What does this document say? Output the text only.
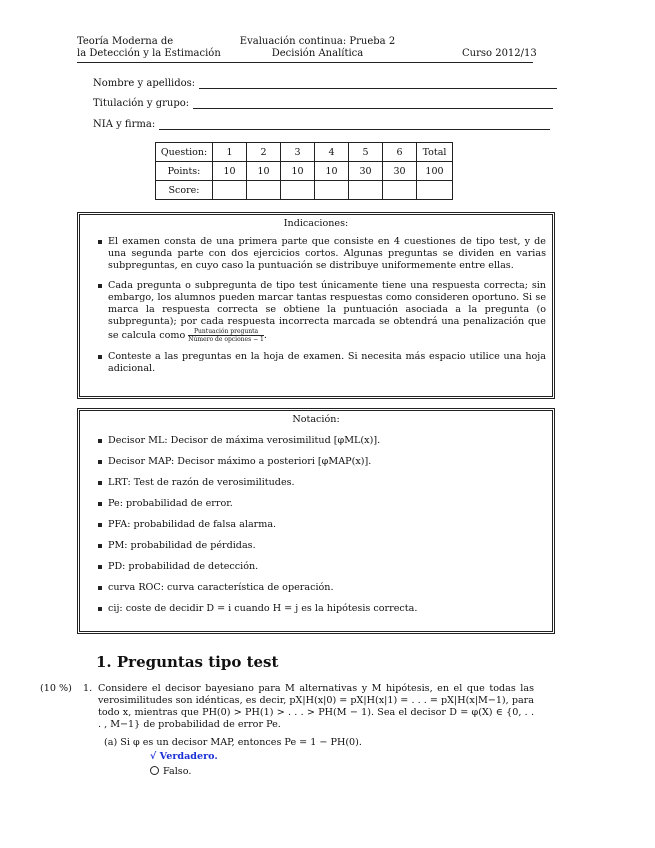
Teoría Moderna de
la Detección y la Estimación
Evaluación continua: Prueba 2
Decisión Analítica	Curso 2012/13
Nombre y apellidos:
Titulación y grupo:
NIA y firma:
Question:	1	2	3	4	5	6	Total
Points:	10	10	10	10	30	30	100
Score:							
Indicaciones:
El examen consta de una primera parte que consiste en 4 cuestiones de tipo test, y de una segunda parte con dos ejercicios cortos. Algunas preguntas se dividen en varias subpreguntas, en cuyo caso la puntuación se distribuye uniformemente entre ellas.
Cada pregunta o subpregunta de tipo test únicamente tiene una respuesta correcta; sin embargo, los alumnos pueden marcar tantas respuestas como consideren oportuno. Si se marca la respuesta correcta se obtiene la puntuación asociada a la pregunta (o subpregunta); por cada respuesta incorrecta marcada se obtendrá una penalización que se calcula como $\frac{\text{Puntuación pregunta}}{\text{Número de opciones − 1}}$ .
Conteste a las preguntas en la hoja de examen. Si necesita más espacio utilice una hoja adicional.
Notación:
Decisor ML: Decisor de máxima verosimilitud [φML(x)].
Decisor MAP: Decisor máximo a posteriori [φMAP(x)].
LRT: Test de razón de verosimilitudes.
Pe: probabilidad de error.
PFA: probabilidad de falsa alarma.
PM: probabilidad de pérdidas.
PD: probabilidad de detección.
curva ROC: curva característica de operación.
cij: coste de decidir D = i cuando H = j es la hipótesis correcta.
1. Preguntas tipo test
(10 %) 1. Considere el decisor bayesiano para M alternativas y M hipótesis, en el que todas las verosimilitudes son idénticas, es decir, pX|H(x|0) = pX|H(x|1) = . . . = pX|H(x|M−1), para todo x, mientras que PH(0) > PH(1) > . . . > PH(M − 1). Sea el decisor D = φ(X) ∈ {0, . . . , M−1} de probabilidad de error Pe.
(a) Si φ es un decisor MAP, entonces Pe = 1 − PH(0).
√ Verdadero.
Falso.
